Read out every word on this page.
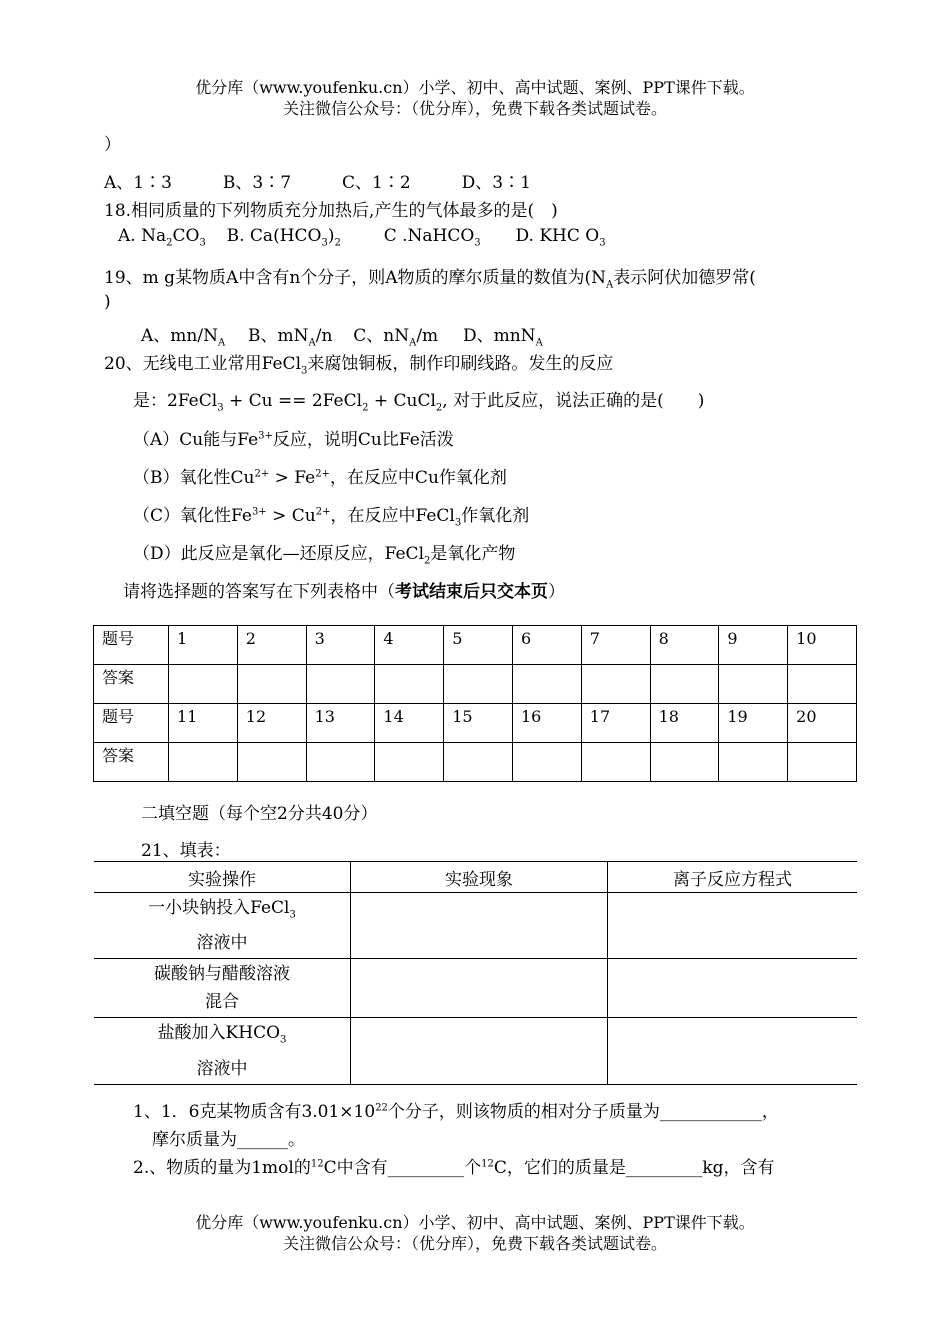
优分库（www.youfenku.cn）小学、初中、高中试题、案例、PPT课件下载。
关注微信公众号：（优分库），免费下载各类试题试卷。
）
A、1∶3　　　B、3∶7　　　C、1∶2　　　D、3∶1
18.相同质量的下列物质充分加热后,产生的气体最多的是(　)
A. $Na_2CO_3$ B. $Ca(HCO_3)_2$	C .NaHCO$_3$ D. KHC $O_3$
19、m g某物质A中含有n个分子，则A物质的摩尔质量的数值为($N_A$表示阿伏加德罗常(
)
A、$mn/N_A$ B、$mN_A/n$ C、$nN_A/m$ D、mnN$_A$
20、无线电工业常用FeCl$_3$来腐蚀铜板，制作印刷线路。发生的反应
是：2FeCl$_3$ + Cu == 2FeCl$_2$ + CuCl$_2$, 对于此反应，说法正确的是(　　)
（A）Cu能与$Fe^{3+}$反应，说明Cu比Fe活泼
（B）氧化性$Cu^{2+} > Fe^{2+}$，在反应中Cu作氧化剂
（C）氧化性$Fe^{3+} > Cu^{2+}$，在反应中FeCl$_3$作氧化剂
（D）此反应是氧化—还原反应，FeCl$_2$是氧化产物
请将选择题的答案写在下列表格中（考试结束后只交本页）
题号	1	2	3	4	5	6	7	8	9	10
答案										
题号	11	12	13	14	15	16	17	18	19	20
答案										
二填空题（每个空2分共40分）
21、填表：
实验操作	实验现象	离子反应方程式
一小块钠投入FeCl$_3$
溶液中		
碳酸钠与醋酸溶液
混合		
盐酸加入$KHCO_3$
溶液中		
1、1．6克某物质含有$3.01\times 10^{22}$个分子，则该物质的相对分子质量为____________，
摩尔质量为______。
2.、物质的量为1mol的$^{12}$C中含有_________个$^{12}$C，它们的质量是_________kg，含有
优分库（www.youfenku.cn）小学、初中、高中试题、案例、PPT课件下载。
关注微信公众号：（优分库），免费下载各类试题试卷。
